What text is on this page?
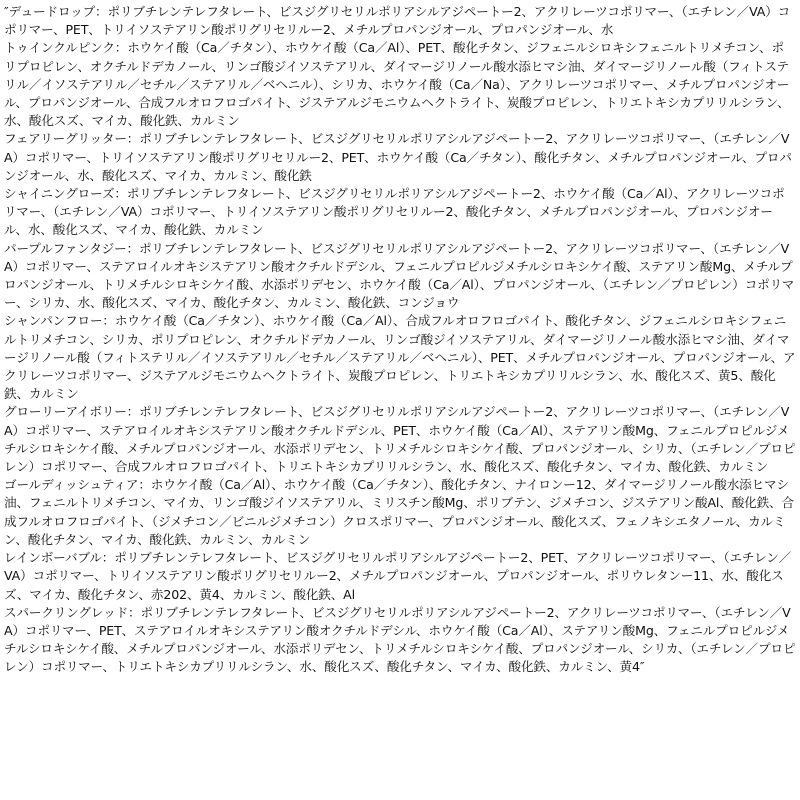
″デュードロップ：ポリブチレンテレフタレート、ビスジグリセリルポリアシルアジペートー2、アクリレーツコポリマー、（エチレン／VA）コポリマー、PET、トリイソステアリン酸ポリグリセリルー2、メチルプロパンジオール、プロパンジオール、水

トゥインクルピンク：ホウケイ酸（Ca／チタン）、ホウケイ酸（Ca／Al）、PET、酸化チタン、ジフェニルシロキシフェニルトリメチコン、ポリプロピレン、オクチルドデカノール、リンゴ酸ジイソステアリル、ダイマージリノール酸水添ヒマシ油、ダイマージリノール酸（フィトステリル／イソステアリル／セチル／ステアリル／ベヘニル）、シリカ、ホウケイ酸（Ca／Na）、アクリレーツコポリマー、メチルプロパンジオール、プロパンジオール、合成フルオロフロゴパイト、ジステアルジモニウムヘクトライト、炭酸プロピレン、トリエトキシカプリリルシラン、水、酸化スズ、マイカ、酸化鉄、カルミン

フェアリーグリッター：ポリブチレンテレフタレート、ビスジグリセリルポリアシルアジペートー2、アクリレーツコポリマー、（エチレン／VA）コポリマー、トリイソステアリン酸ポリグリセリルー2、PET、ホウケイ酸（Ca／チタン）、酸化チタン、メチルプロパンジオール、プロパンジオール、水、酸化スズ、マイカ、カルミン、酸化鉄

シャイニングローズ：ポリブチレンテレフタレート、ビスジグリセリルポリアシルアジペートー2、ホウケイ酸（Ca／Al）、アクリレーツコポリマー、（エチレン／VA）コポリマー、トリイソステアリン酸ポリグリセリルー2、酸化チタン、メチルプロパンジオール、プロパンジオール、水、酸化スズ、マイカ、酸化鉄、カルミン

パープルファンタジー：ポリブチレンテレフタレート、ビスジグリセリルポリアシルアジペートー2、アクリレーツコポリマー、（エチレン／VA）コポリマー、ステアロイルオキシステアリン酸オクチルドデシル、フェニルプロピルジメチルシロキシケイ酸、ステアリン酸Mg、メチルプロパンジオール、トリメチルシロキシケイ酸、水添ポリデセン、ホウケイ酸（Ca／Al）、プロパンジオール、（エチレン／プロピレン）コポリマー、シリカ、水、酸化スズ、マイカ、酸化チタン、カルミン、酸化鉄、コンジョウ

シャンパンフロー：ホウケイ酸（Ca／チタン）、ホウケイ酸（Ca／Al）、合成フルオロフロゴパイト、酸化チタン、ジフェニルシロキシフェニルトリメチコン、シリカ、ポリプロピレン、オクチルドデカノール、リンゴ酸ジイソステアリル、ダイマージリノール酸水添ヒマシ油、ダイマージリノール酸（フィトステリル／イソステアリル／セチル／ステアリル／ベヘニル）、PET、メチルプロパンジオール、プロパンジオール、アクリレーツコポリマー、ジステアルジモニウムヘクトライト、炭酸プロピレン、トリエトキシカプリリルシラン、水、酸化スズ、黄5、酸化鉄、カルミン

グローリーアイボリー：ポリブチレンテレフタレート、ビスジグリセリルポリアシルアジペートー2、アクリレーツコポリマー、（エチレン／VA）コポリマー、ステアロイルオキシステアリン酸オクチルドデシル、PET、ホウケイ酸（Ca／Al）、ステアリン酸Mg、フェニルプロピルジメチルシロキシケイ酸、メチルプロパンジオール、水添ポリデセン、トリメチルシロキシケイ酸、プロパンジオール、シリカ、（エチレン／プロピレン）コポリマー、合成フルオロフロゴパイト、トリエトキシカプリリルシラン、水、酸化スズ、酸化チタン、マイカ、酸化鉄、カルミン

ゴールディッシュティア：ホウケイ酸（Ca／Al）、ホウケイ酸（Ca／チタン）、酸化チタン、ナイロンー12、ダイマージリノール酸水添ヒマシ油、フェニルトリメチコン、マイカ、リンゴ酸ジイソステアリル、ミリスチン酸Mg、ポリブテン、ジメチコン、ジステアリン酸Al、酸化鉄、合成フルオロフロゴパイト、（ジメチコン／ビニルジメチコン）クロスポリマー、プロパンジオール、酸化スズ、フェノキシエタノール、カルミン、酸化チタン、マイカ、酸化鉄、カルミン、カルミン

レインボーバブル：ポリブチレンテレフタレート、ビスジグリセリルポリアシルアジペートー2、PET、アクリレーツコポリマー、（エチレン／VA）コポリマー、トリイソステアリン酸ポリグリセリルー2、メチルプロパンジオール、プロパンジオール、ポリウレタンー11、水、酸化スズ、マイカ、酸化チタン、赤202、黄4、カルミン、酸化鉄、Al

スパークリングレッド：ポリブチレンテレフタレート、ビスジグリセリルポリアシルアジペートー2、アクリレーツコポリマー、（エチレン／VA）コポリマー、PET、ステアロイルオキシステアリン酸オクチルドデシル、ホウケイ酸（Ca／Al）、ステアリン酸Mg、フェニルプロピルジメチルシロキシケイ酸、メチルプロパンジオール、水添ポリデセン、トリメチルシロキシケイ酸、プロパンジオール、シリカ、（エチレン／プロピレン）コポリマー、トリエトキシカプリリルシラン、水、酸化スズ、酸化チタン、マイカ、酸化鉄、カルミン、黄4″
